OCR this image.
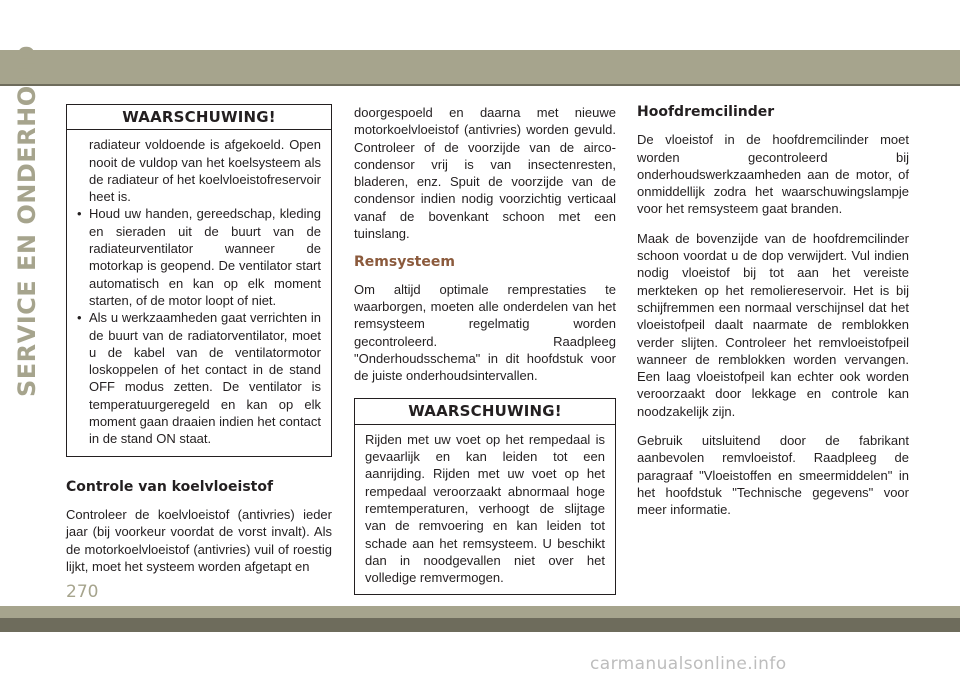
SERVICE EN ONDERHOUD	WAARSCHUWING!

radiateur voldoende is afgekoeld. Open nooit de vuldop van het koelsysteem als de radiateur of het koelvloeistofreservoir heet is.

• Houd uw handen, gereedschap, kleding en sieraden uit de buurt van de radiateurventilator wanneer de motorkap is geopend. De ventilator start automatisch en kan op elk moment starten, of de motor loopt of niet.
• Als u werkzaamheden gaat verrichten in de buurt van de radiatorventilator, moet u de kabel van de ventilatormotor loskoppelen of het contact in de stand OFF modus zetten. De ventilator is temperatuurgeregeld en kan op elk moment gaan draaien indien het contact in de stand ON staat.
Controle van koelvloeistof

Controleer de koelvloeistof (antivries) ieder jaar (bij voorkeur voordat de vorst invalt). Als de motorkoelvloeistof (antivries) vuil of roestig lijkt, moet het systeem worden afgetapt en

doorgespoeld en daarna met nieuwe motorkoelvloeistof (antivries) worden gevuld. Controleer of de voorzijde van de airco-condensor vrij is van insectenresten, bladeren, enz. Spuit de voorzijde van de condensor indien nodig voorzichtig verticaal vanaf de bovenkant schoon met een tuinslang.

Remsysteem

Om altijd optimale remprestaties te waarborgen, moeten alle onderdelen van het remsysteem regelmatig worden gecontroleerd. Raadpleeg "Onderhoudsschema" in dit hoofdstuk voor de juiste onderhoudsintervallen.

WAARSCHUWING!

Rijden met uw voet op het rempedaal is gevaarlijk en kan leiden tot een aanrijding. Rijden met uw voet op het rempedaal veroorzaakt abnormaal hoge remtemperaturen, verhoogt de slijtage van de remvoering en kan leiden tot schade aan het remsysteem. U beschikt dan in noodgevallen niet over het volledige remvermogen.

Hoofdremcilinder

De vloeistof in de hoofdremcilinder moet worden gecontroleerd bij onderhoudswerkzaamheden aan de motor, of onmiddellijk zodra het waarschuwingslampje voor het remsysteem gaat branden.

Maak de bovenzijde van de hoofdremcilinder schoon voordat u de dop verwijdert. Vul indien nodig vloeistof bij tot aan het vereiste merkteken op het remoliereservoir. Het is bij schijfremmen een normaal verschijnsel dat het vloeistofpeil daalt naarmate de remblokken verder slijten. Controleer het remvloeistofpeil wanneer de remblokken worden vervangen. Een laag vloeistofpeil kan echter ook worden veroorzaakt door lekkage en controle kan noodzakelijk zijn.

Gebruik uitsluitend door de fabrikant aanbevolen remvloeistof. Raadpleeg de paragraaf "Vloeistoffen en smeermiddelen" in het hoofdstuk "Technische gegevens" voor meer informatie.

270
carmanualsonline.info
